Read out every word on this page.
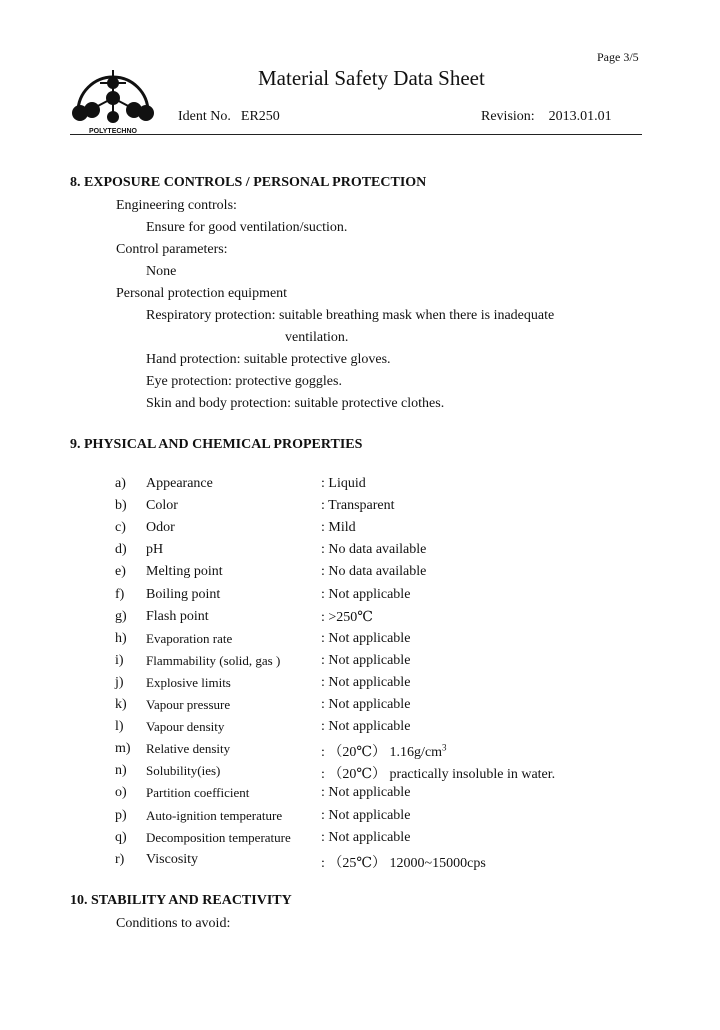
Page 3/5
POLYTECHNO
Material Safety Data Sheet
Ident No. ER250	Revision: 2013.01.01
8. EXPOSURE CONTROLS / PERSONAL PROTECTION
Engineering controls:
Ensure for good ventilation/suction.
Control parameters:
None
Personal protection equipment
Respiratory protection: suitable breathing mask when there is inadequate
ventilation.
Hand protection: suitable protective gloves.
Eye protection: protective goggles.
Skin and body protection: suitable protective clothes.
9. PHYSICAL AND CHEMICAL PROPERTIES
a) Appearance	: Liquid
b) Color	: Transparent
c) Odor	: Mild
d) pH	: No data available
e) Melting point	: No data available
f) Boiling point	: Not applicable
g) Flash point	: >250℃
h) Evaporation rate	: Not applicable
i) Flammability (solid, gas )	: Not applicable
j) Explosive limits	: Not applicable
k) Vapour pressure	: Not applicable
l) Vapour density	: Not applicable
m) Relative density	: （20℃） $1.16g/cm^3$
n) Solubility(ies)	: （20℃） practically insoluble in water.
o) Partition coefficient	: Not applicable
p) Auto-ignition temperature	: Not applicable
q) Decomposition temperature : Not applicable
r) Viscosity	: （25℃） 12000~15000cps
10. STABILITY AND REACTIVITY
Conditions to avoid:
